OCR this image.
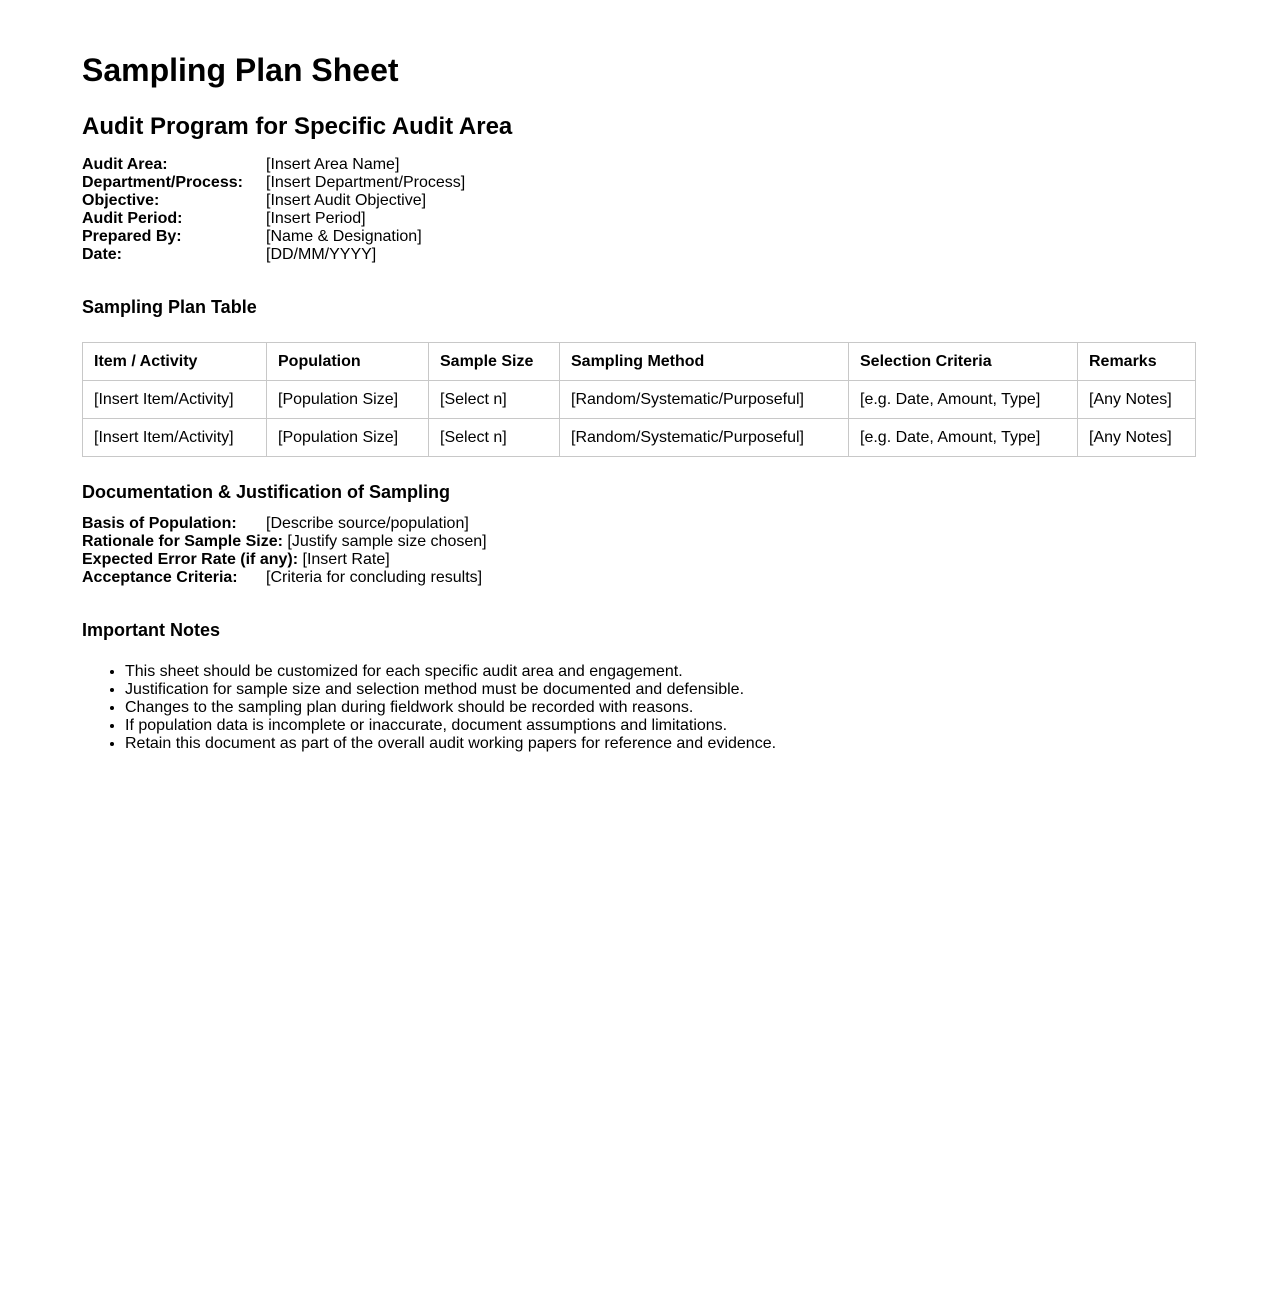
Sampling Plan Sheet
Audit Program for Specific Audit Area
Audit Area:	[Insert Area Name]
Department/Process:	[Insert Department/Process]
Objective:	[Insert Audit Objective]
Audit Period:	[Insert Period]
Prepared By:	[Name & Designation]
Date:	[DD/MM/YYYY]
Sampling Plan Table
Item / Activity	Population	Sample Size	Sampling Method	Selection Criteria	Remarks
[Insert Item/Activity]	[Population Size]	[Select n]	[Random/Systematic/Purposeful]	[e.g. Date, Amount, Type]	[Any Notes]
[Insert Item/Activity]	[Population Size]	[Select n]	[Random/Systematic/Purposeful]	[e.g. Date, Amount, Type]	[Any Notes]
Documentation & Justification of Sampling
Basis of Population:	[Describe source/population]
Rationale for Sample Size:
[Justify sample size chosen]
Expected Error Rate (if any):
[Insert Rate]
Acceptance Criteria:	[Criteria for concluding results]
Important Notes
• This sheet should be customized for each specific audit area and engagement.
• Justification for sample size and selection method must be documented and defensible.
• Changes to the sampling plan during fieldwork should be recorded with reasons.
• If population data is incomplete or inaccurate, document assumptions and limitations.
• Retain this document as part of the overall audit working papers for reference and evidence.
